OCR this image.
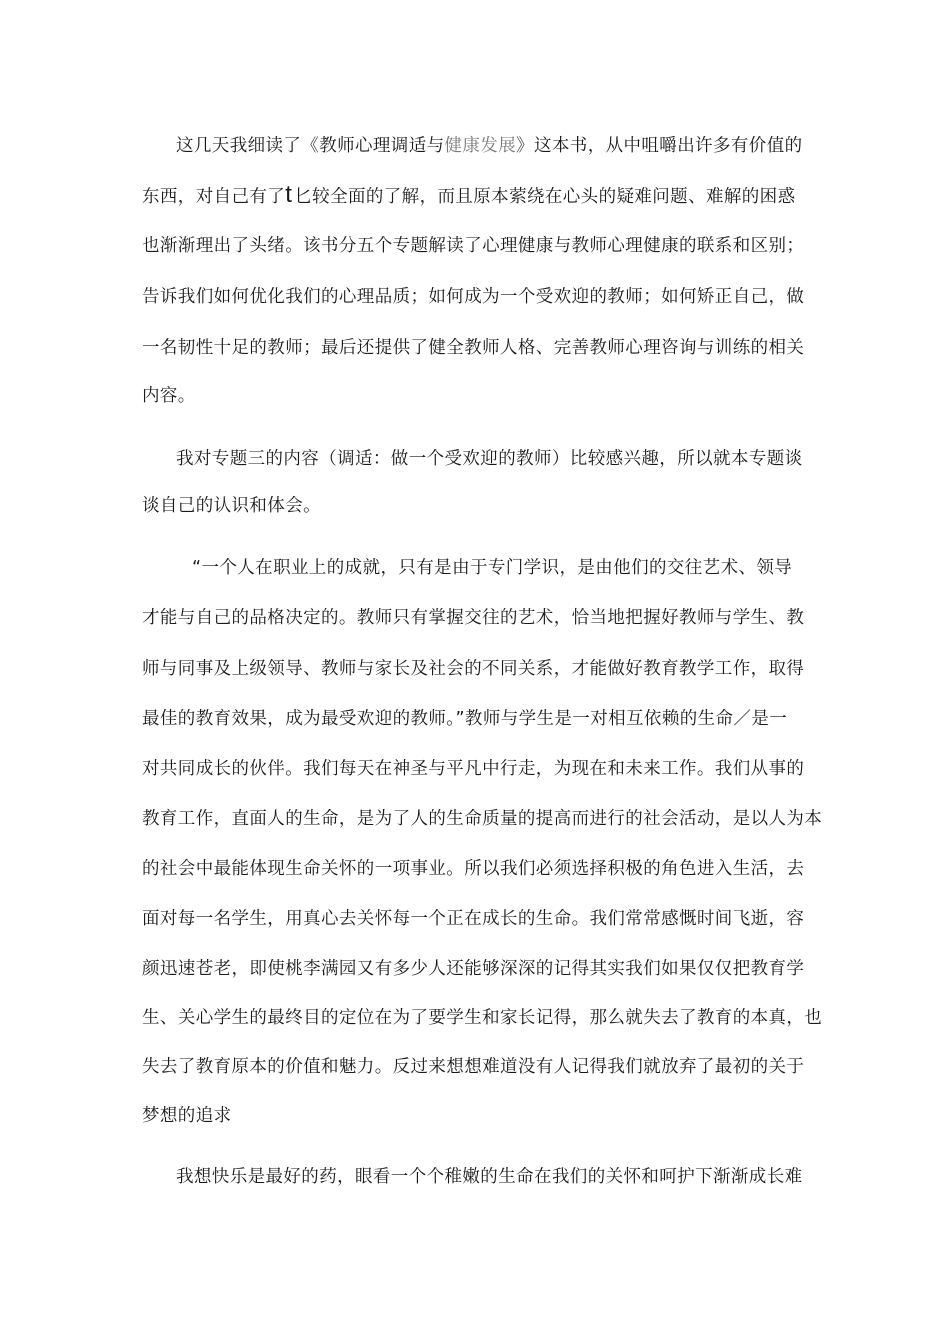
这几天我细读了《教师心理调适与健康发展》这本书，从中咀嚼出许多有价值的
东西，对自己有了t 匕较全面的了解，而且原本萦绕在心头的疑难问题、难解的困惑
也渐渐理出了头绪。该书分五个专题解读了心理健康与教师心理健康的联系和区别；
告诉我们如何优化我们的心理品质；如何成为一个受欢迎的教师；如何矫正自己，做
一名韧性十足的教师；最后还提供了健全教师人格、完善教师心理咨询与训练的相关
内容。
我对专题三的内容（调适：做一个受欢迎的教师）比较感兴趣，所以就本专题谈
谈自己的认识和体会。
“一个人在职业上的成就，只有是由于专门学识，是由他们的交往艺术、领导
才能与自己的品格决定的。教师只有掌握交往的艺术，恰当地把握好教师与学生、教
师与同事及上级领导、教师与家长及社会的不同关系，才能做好教育教学工作，取得
最佳的教育效果，成为最受欢迎的教师。”教师与学生是一对相互依赖的生命／是一
对共同成长的伙伴。我们每天在神圣与平凡中行走，为现在和未来工作。我们从事的
教育工作，直面人的生命，是为了人的生命质量的提高而进行的社会活动，是以人为本
的社会中最能体现生命关怀的一项事业。所以我们必须选择积极的角色进入生活，去
面对每一名学生，用真心去关怀每一个正在成长的生命。我们常常感慨时间飞逝，容
颜迅速苍老，即使桃李满园又有多少人还能够深深的记得其实我们如果仅仅把教育学
生、关心学生的最终目的定位在为了要学生和家长记得，那么就失去了教育的本真，也
失去了教育原本的价值和魅力。反过来想想难道没有人记得我们就放弃了最初的关于
梦想的追求
我想快乐是最好的药，眼看一个个稚嫩的生命在我们的关怀和呵护下渐渐成长难
